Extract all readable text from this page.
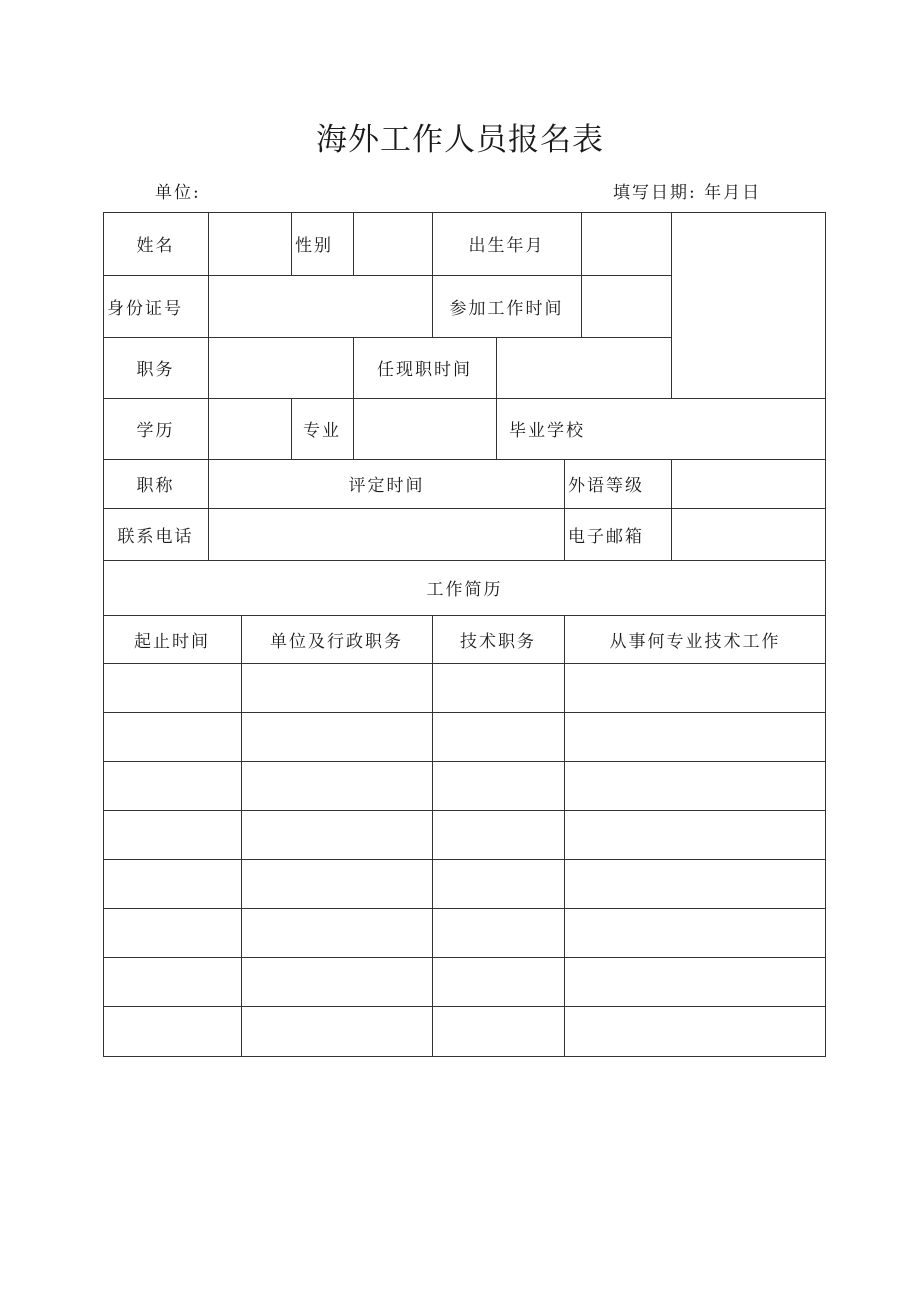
海外工作人员报名表
单位:	填写日期: 年月日
姓名	性别	出生年月
身份证号	参加工作时间
职务	任现职时间
学历	专业	毕业学校
职称	评定时间	外语等级
联系电话	电子邮箱
工作简历
起止时间	单位及行政职务	技术职务	从事何专业技术工作
